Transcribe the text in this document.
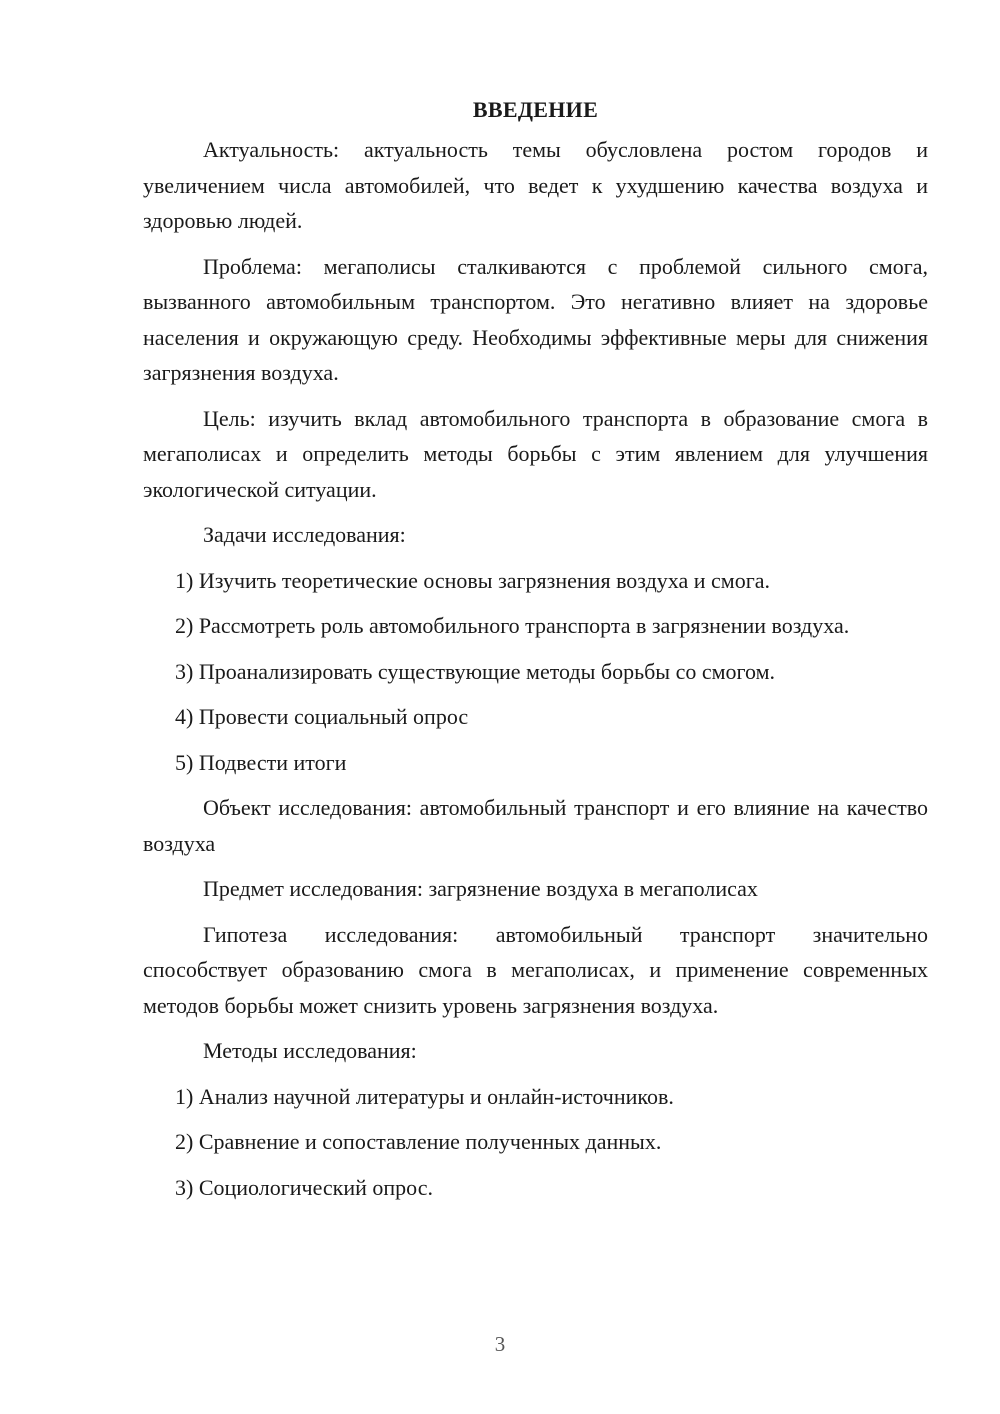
ВВЕДЕНИЕ

Актуальность: актуальность темы обусловлена ростом городов и увеличением числа автомобилей, что ведет к ухудшению качества воздуха и здоровью людей.

Проблема: мегаполисы сталкиваются с проблемой сильного смога, вызванного автомобильным транспортом. Это негативно влияет на здоровье населения и окружающую среду. Необходимы эффективные меры для снижения загрязнения воздуха.

Цель: изучить вклад автомобильного транспорта в образование смога в мегаполисах и определить методы борьбы с этим явлением для улучшения экологической ситуации.

Задачи исследования:

1) Изучить теоретические основы загрязнения воздуха и смога.

2) Рассмотреть роль автомобильного транспорта в загрязнении воздуха.

3) Проанализировать существующие методы борьбы со смогом.

4) Провести социальный опрос

5) Подвести итоги

Объект исследования: автомобильный транспорт и его влияние на качество воздуха

Предмет исследования: загрязнение воздуха в мегаполисах

Гипотеза исследования: автомобильный транспорт значительно способствует образованию смога в мегаполисах, и применение современных методов борьбы может снизить уровень загрязнения воздуха.

Методы исследования:

1) Анализ научной литературы и онлайн-источников.

2) Сравнение и сопоставление полученных данных.

3) Социологический опрос.

3
